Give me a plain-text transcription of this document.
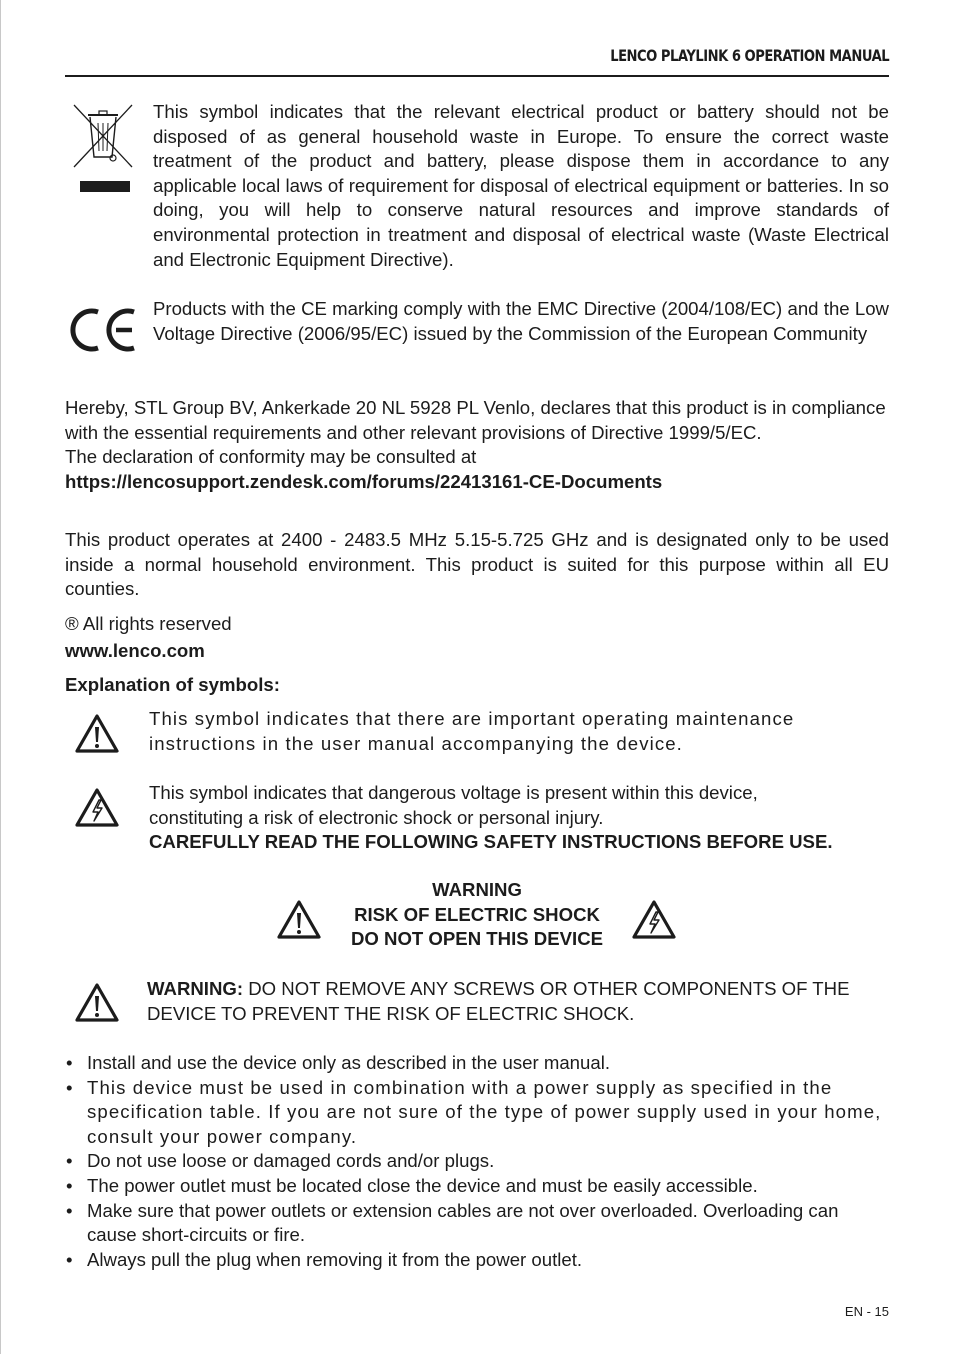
LENCO PLAYLINK 6 OPERATION MANUAL

This symbol indicates that the relevant electrical product or battery should not be disposed of as general household waste in Europe. To ensure the correct waste treatment of the product and battery, please dispose them in accordance to any applicable local laws of requirement for disposal of electrical equipment or batteries. In so doing, you will help to conserve natural resources and improve standards of environmental protection in treatment and disposal of electrical waste (Waste Electrical and Electronic Equipment Directive).

Products with the CE marking comply with the EMC Directive (2004/108/EC) and the Low Voltage Directive (2006/95/EC) issued by the Commission of the European Community

Hereby, STL Group BV, Ankerkade 20 NL 5928 PL Venlo, declares that this product is in compliance
with the essential requirements and other relevant provisions of Directive 1999/5/EC.
The declaration of conformity may be consulted at
https://lencosupport.zendesk.com/forums/22413161-CE-Documents

This product operates at 2400 - 2483.5 MHz 5.15-5.725 GHz and is designated only to be used inside a normal household environment. This product is suited for this purpose within all EU counties.

® All rights reserved
www.lenco.com
Explanation of symbols:

This symbol indicates that there are important operating maintenance instructions in the user manual accompanying the device.

This symbol indicates that dangerous voltage is present within this device,
constituting a risk of electronic shock or personal injury.
CAREFULLY READ THE FOLLOWING SAFETY INSTRUCTIONS BEFORE USE.
WARNING
RISK OF ELECTRIC SHOCK
DO NOT OPEN THIS DEVICE

WARNING: DO NOT REMOVE ANY SCREWS OR OTHER COMPONENTS OF THE DEVICE TO PREVENT THE RISK OF ELECTRIC SHOCK.

• Install and use the device only as described in the user manual.
• This device must be used in combination with a power supply as specified in the specification table. If you are not sure of the type of power supply used in your home, consult your power company.
• Do not use loose or damaged cords and/or plugs.
• The power outlet must be located close the device and must be easily accessible.
• Make sure that power outlets or extension cables are not over overloaded. Overloading can cause short-circuits or fire.
• Always pull the plug when removing it from the power outlet.
EN - 15
